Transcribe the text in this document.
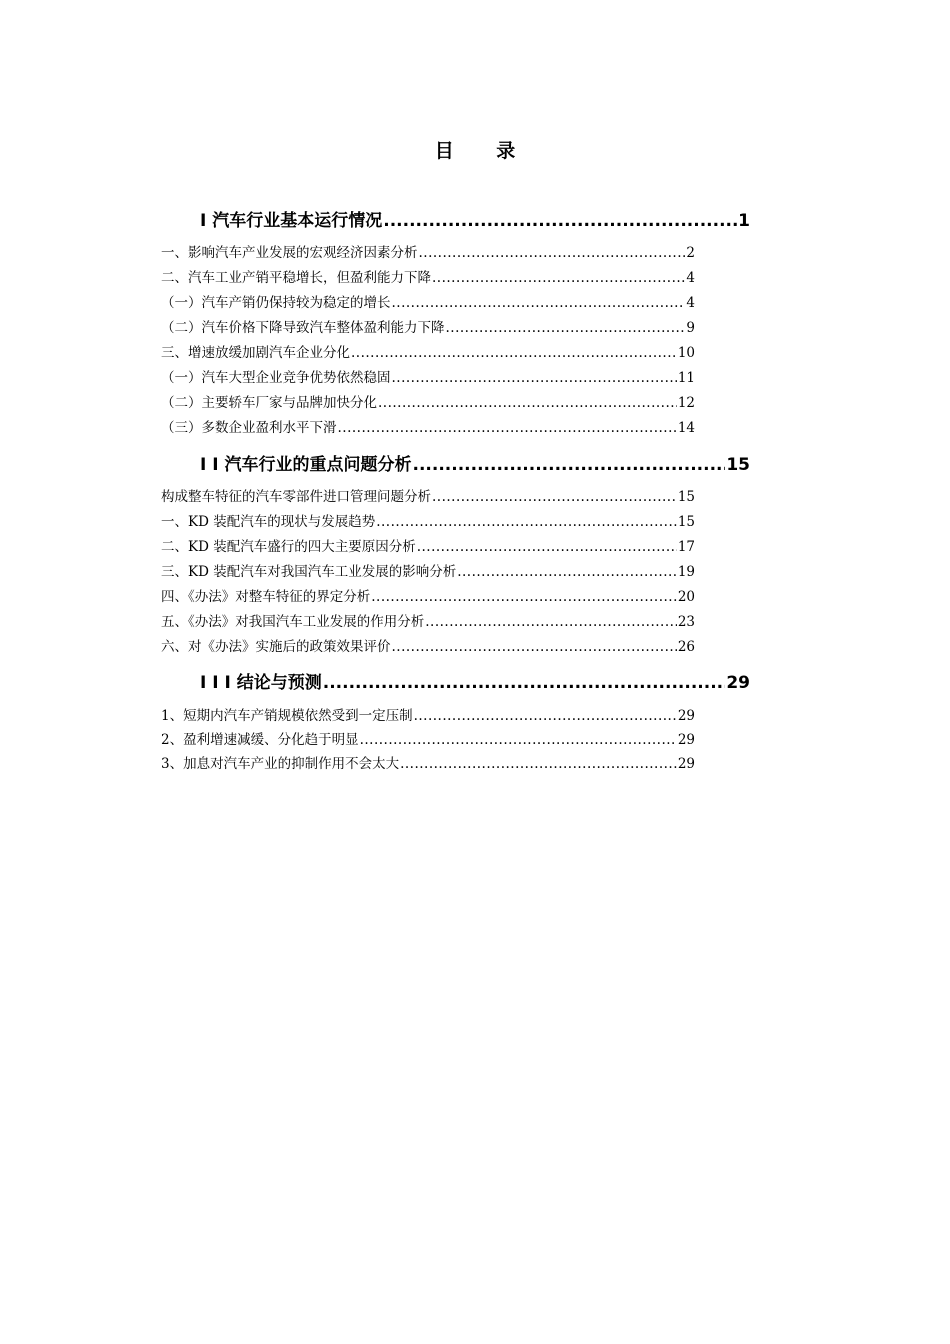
目 录
I 汽车行业基本运行情况 .....	1
一、影响汽车产业发展的宏观经济因素分析 .....	2
二、汽车工业产销平稳增长，但盈利能力下降 .....	4
（一）汽车产销仍保持较为稳定的增长 .....	4
（二）汽车价格下降导致汽车整体盈利能力下降 .....	9
三、增速放缓加剧汽车企业分化 .....	10
（一）汽车大型企业竞争优势依然稳固 .....	11
（二）主要轿车厂家与品牌加快分化 .....	12
（三）多数企业盈利水平下滑 .....	14
I I 汽车行业的重点问题分析 .....	15
构成整车特征的汽车零部件进口管理问题分析 .....	15
一、KD 装配汽车的现状与发展趋势 .....	15
二、KD 装配汽车盛行的四大主要原因分析 .....	17
三、KD 装配汽车对我国汽车工业发展的影响分析 .....	19
四、《办法》对整车特征的界定分析 .....	20
五、《办法》对我国汽车工业发展的作用分析 .....	23
六、对《办法》实施后的政策效果评价 .....	26
I I I 结论与预测 .....	29
1、短期内汽车产销规模依然受到一定压制 .....	29
2、盈利增速减缓、分化趋于明显 .....	29
3、加息对汽车产业的抑制作用不会太大 .....	29
